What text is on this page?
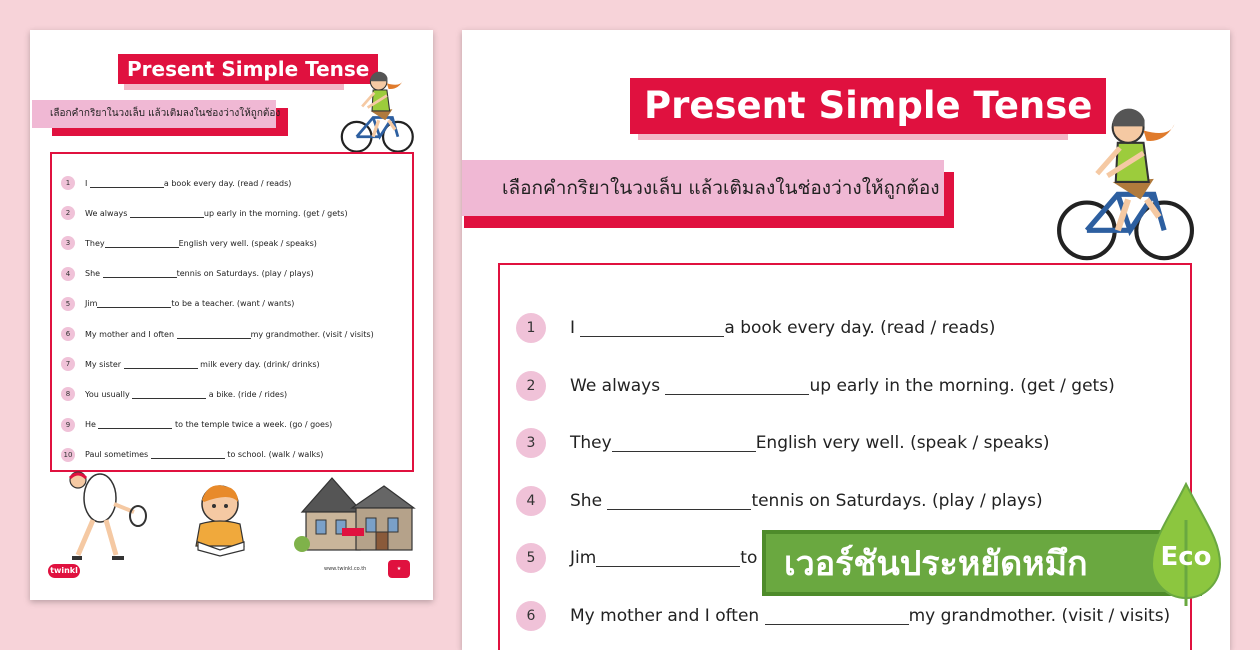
Present Simple Tense
เลือกคำกริยาในวงเล็บ แล้วเติมลงในช่องว่างให้ถูกต้อง
1	I	a book every day. (read / reads)
2	We always	up early in the morning. (get / gets)
3	They	English very well. (speak / speaks)
4	She	tennis on Saturdays. (play / plays)
5	Jim	to be a teacher. (want / wants)
6	My mother and I often	my grandmother. (visit / visits)
7	My sister	milk every day. (drink/ drinks)
8	You usually	a bike. (ride / rides)
9	He	to the temple twice a week. (go / goes)
10	Paul sometimes	to school. (walk / walks)
twinkl	www.twinkl.co.th	★
Present Simple Tense
เลือกคำกริยาในวงเล็บ แล้วเติมลงในช่องว่างให้ถูกต้อง
1	I	a book every day. (read / reads)
2	We always	up early in the morning. (get / gets)
3	They	English very well. (speak / speaks)
4	She	tennis on Saturdays. (play / plays)
5	Jim	to
6	My mother and I often	my grandmother. (visit / visits)
เวอร์ชันประหยัดหมึก	Eco
